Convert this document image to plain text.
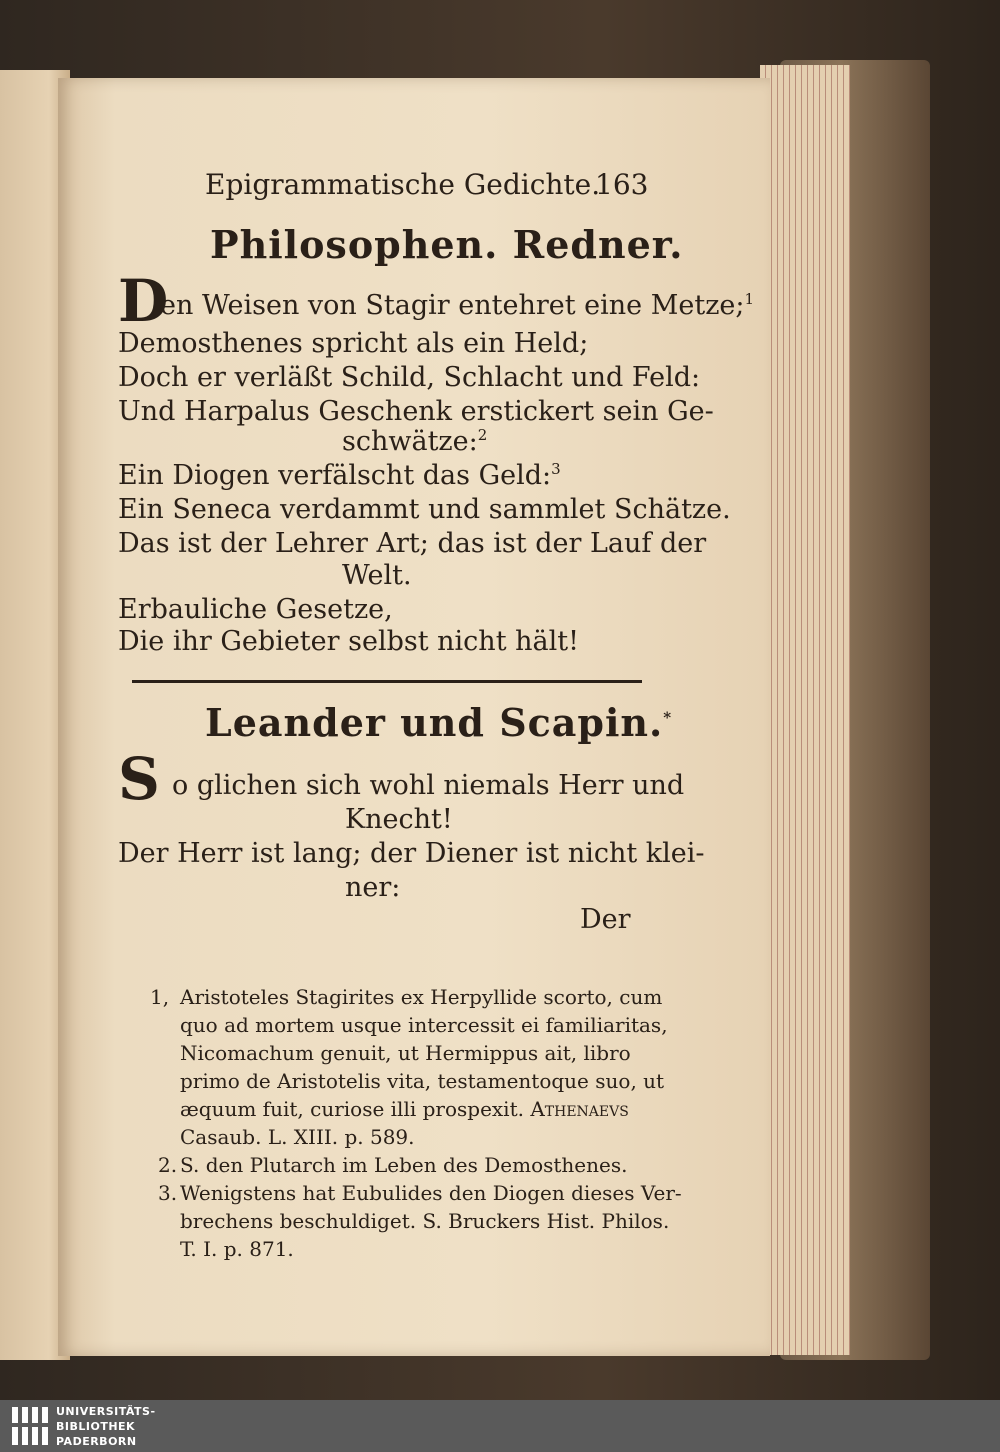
Epigrammatische Gedichte.
163
Philosophen. Redner.
D
en Weisen von Stagir entehret eine Metze;$^1$
Demosthenes spricht als ein Held;
Doch er verläßt Schild, Schlacht und Feld:
Und Harpalus Geschenk erstickert sein Ge-
schwätze:$^2$
Ein Diogen verfälscht das Geld:$^3$
Ein Seneca verdammt und sammlet Schätze.
Das ist der Lehrer Art; das ist der Lauf der
Welt.
Erbauliche Gesetze,
Die ihr Gebieter selbst nicht hält!
Leander und Scapin.*
S o glichen sich wohl niemals Herr und
Knecht!
Der Herr ist lang; der Diener ist nicht klei-
ner:
Der
1, Aristoteles Stagirites ex Herpyllide scorto, cum
quo ad mortem usque intercessit ei familiaritas,
Nicomachum genuit, ut Hermippus ait, libro
primo de Aristotelis vita, testamentoque suo, ut
æquum fuit, curiose illi prospexit. Athenaevs
Casaub. L. XIII. p. 589.
2. S. den Plutarch im Leben des Demosthenes.
3. Wenigstens hat Eubulides den Diogen dieses Ver-
brechens beschuldiget. S. Bruckers Hist. Philos.
T. I. p. 871.
UNIVERSITÄTS-
BIBLIOTHEK
PADERBORN
